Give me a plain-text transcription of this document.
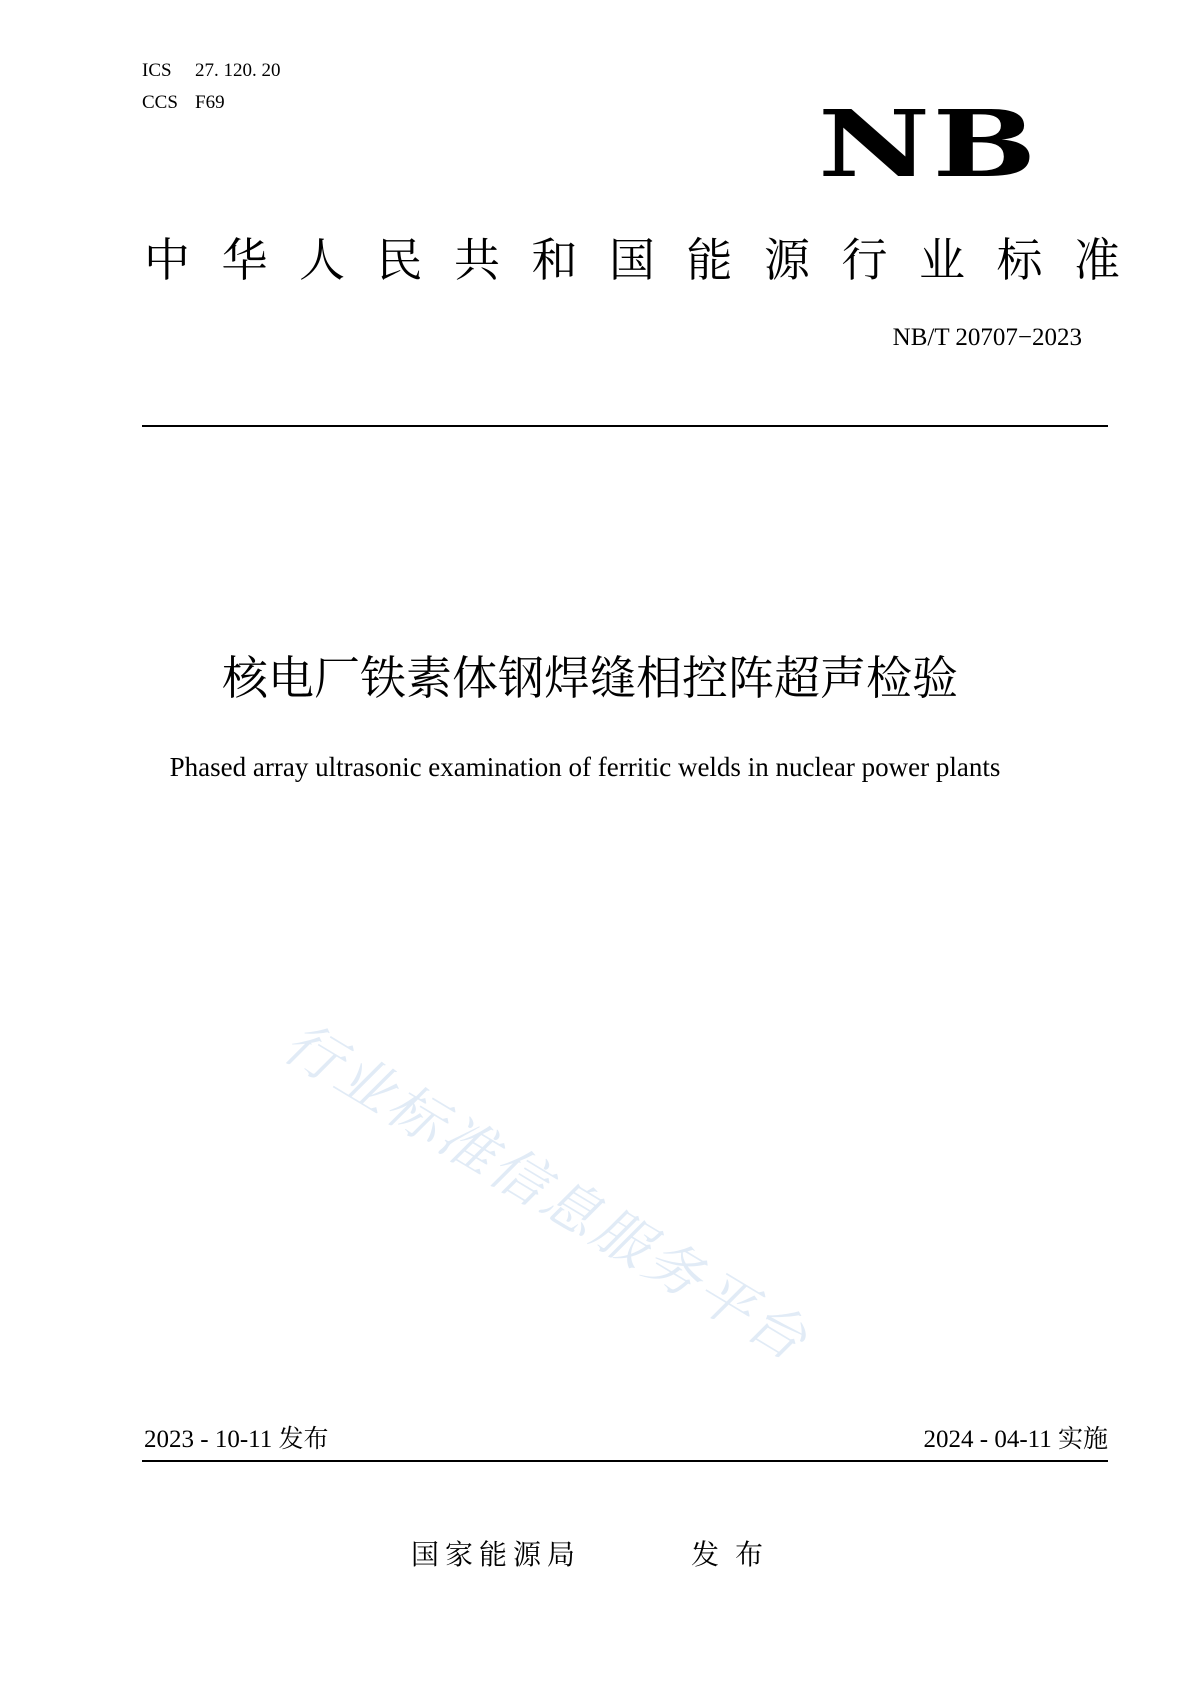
ICS 27. 120. 20
CCS F69	NB
中 华 人 民 共 和 国 能 源 行 业 标 准
NB/T 20707−2023
核电厂铁素体钢焊缝相控阵超声检验
Phased array ultrasonic examination of ferritic welds in nuclear power plants
行业标准信息服务平台
2023 - 10-11 发布	2024 - 04-11 实施
国家能源局	发布
